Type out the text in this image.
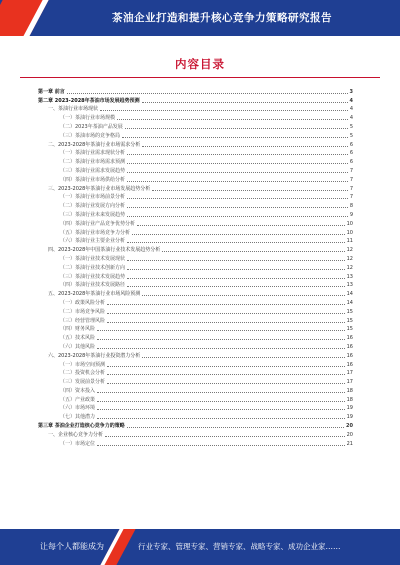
茶油企业打造和提升核心竞争力策略研究报告
内容目录
第一章 前言	3
第二章 2023-2028年茶油市场发展趋势预测	4
一、茶油行业市场现状	4
（一）茶油行业市场规模	4
（二）2023年茶油产品发展	5
（三）茶油市场的竞争格局	5
二、2023-2028年茶油行业市场需求分析	6
（一）茶油行业需求现状分析	6
（二）茶油行业市场需求预测	6
（三）茶油行业需求发展趋势	7
（四）茶油行业市场供给分析	7
三、2023-2028年茶油行业市场发展趋势分析	7
（一）茶油行业市场前景分析	7
（二）茶油行业发展方向分析	8
（三）茶油行业未来发展趋势	9
（四）茶油行业产品竞争优势分析	10
（五）茶油行业市场竞争力分析	10
（六）茶油行业主要企业分析	11
四、2023-2028年中国茶油行业技术发展趋势分析	12
（一）茶油行业技术发展现状	12
（二）茶油行业技术创新方向	12
（三）茶油行业技术发展趋势	13
（四）茶油行业技术发展路径	13
五、2023-2028年茶油行业市场风险预测	14
（一）政策风险分析	14
（二）市场竞争风险	15
（三）经营管理风险	15
（四）财务风险	15
（五）技术风险	16
（六）其他风险	16
六、2023-2028年茶油行业投资潜力分析	16
（一）市场空间预测	16
（二）投资机会分析	17
（三）发展前景分析	17
（四）资本投入	18
（五）产业政策	18
（六）市场环境	19
（七）其他潜力	19
第三章 茶油企业打造核心竞争力的策略	20
一、企业核心竞争力分析	20
（一）市场定位	21
让每个人都能成为	行业专家、管理专家、营销专家、战略专家、成功企业家……
